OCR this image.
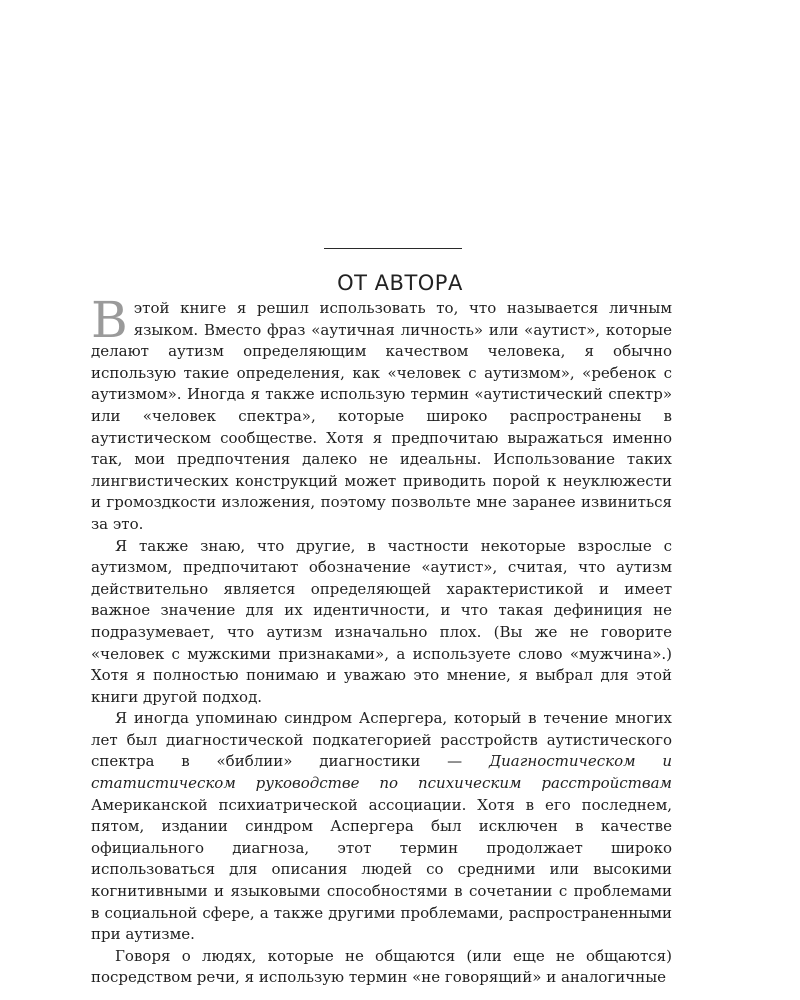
ОТ АВТОРА

В этой книге я решил использовать то, что называется личным языком. Вместо фраз «аутичная личность» или «аутист», которые делают аутизм определяющим качеством человека, я обычно использую такие определения, как «человек с аутизмом», «ребенок с аутизмом». Иногда я также использую термин «аутистический спектр» или «человек спектра», которые широко распространены в аутистическом сообществе. Хотя я предпочитаю выражаться именно так, мои предпочтения далеко не идеальны. Использование таких лингвистических конструкций может приводить порой к неуклюжести и громоздкости изложения, поэтому позвольте мне заранее извиниться за это.

Я также знаю, что другие, в частности некоторые взрослые с аутизмом, предпочитают обозначение «аутист», считая, что аутизм действительно является определяющей характеристикой и имеет важное значение для их идентичности, и что такая дефиниция не подразумевает, что аутизм изначально плох. (Вы же не говорите «человек с мужскими признаками», а используете слово «мужчина».) Хотя я полностью понимаю и уважаю это мнение, я выбрал для этой книги другой подход.

Я иногда упоминаю синдром Аспергера, который в течение многих лет был диагностической подкатегорией расстройств аутистического спектра в «библии» диагностики — Диагностическом и статистическом руководстве по психическим расстройствам Американской психиатрической ассоциации. Хотя в его последнем, пятом, издании синдром Аспергера был исключен в качестве официального диагноза, этот термин продолжает широко использоваться для описания людей со средними или высокими когнитивными и языковыми способностями в сочетании с проблемами в социальной сфере, а также другими проблемами, распространенными при аутизме.

Говоря о людях, которые не общаются (или еще не общаются) посредством речи, я использую термин «не говорящий» и аналогичные
